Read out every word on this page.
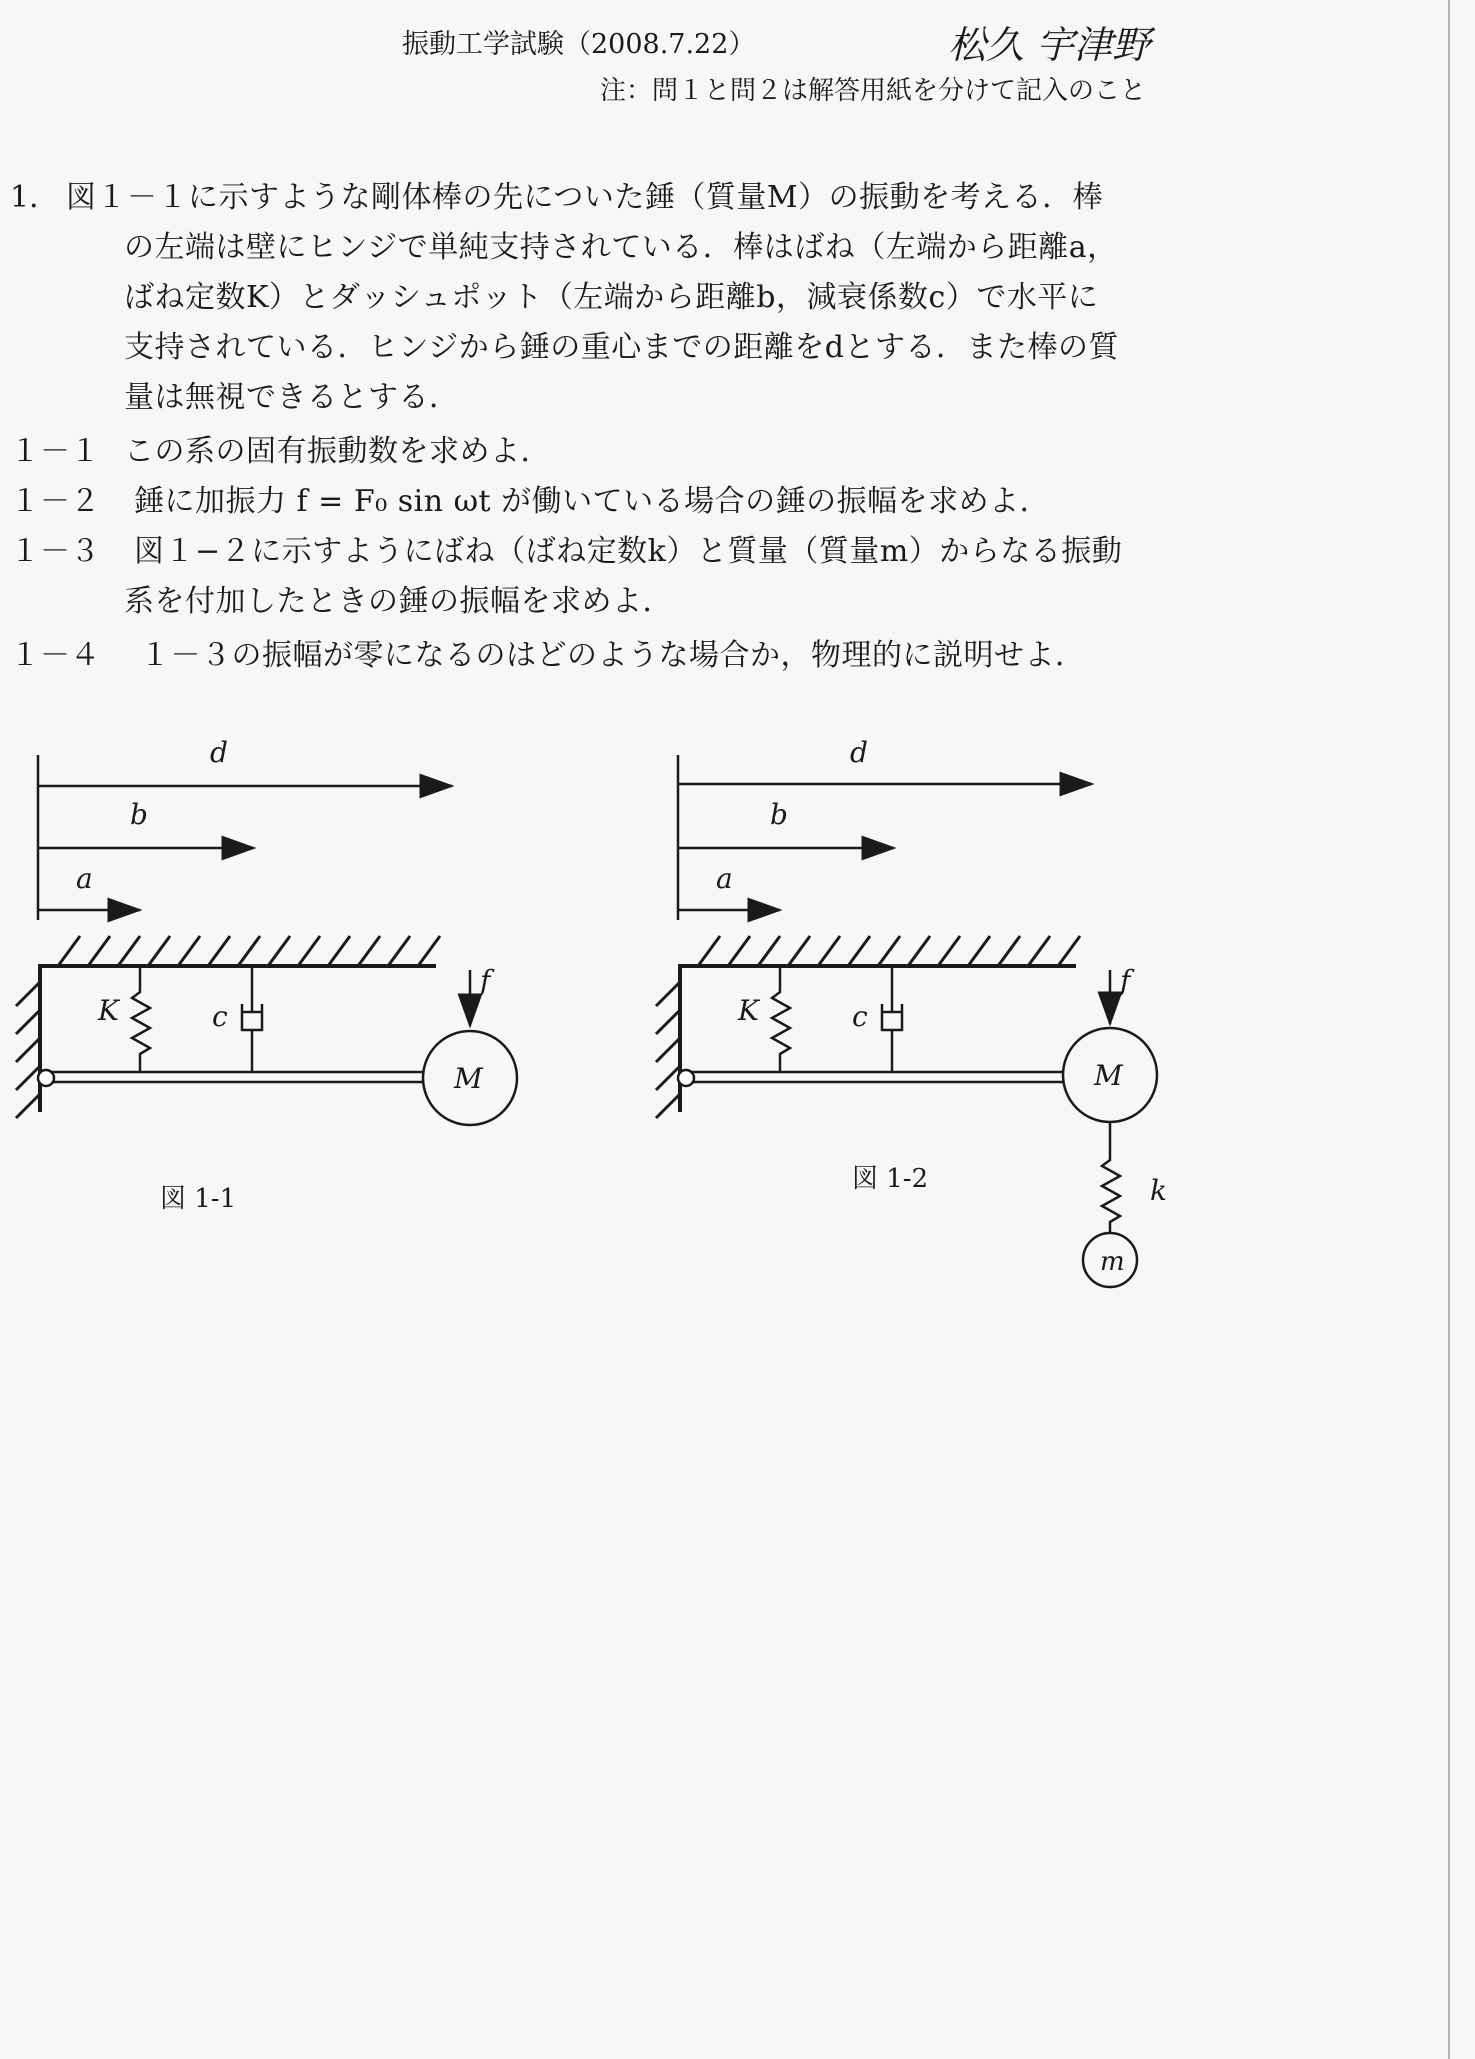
振動工学試験（2008.7.22）	松久 宇津野
注：問１と問２は解答用紙を分けて記入のこと
1． 図１－１に示すような剛体棒の先についた錘（質量M）の振動を考える．棒
の左端は壁にヒンジで単純支持されている．棒はばね（左端から距離a，
ばね定数K）とダッシュポット（左端から距離b，減衰係数c）で水平に
支持されている．ヒンジから錘の重心までの距離をdとする．また棒の質
量は無視できるとする．
１－１ この系の固有振動数を求めよ．
１－２ 錘に加振力 f = F₀ sin ωt が働いている場合の錘の振幅を求めよ．
１－３ 図１−２に示すようにばね（ばね定数k）と質量（質量m）からなる振動
系を付加したときの錘の振幅を求めよ．
１－４ １－３の振幅が零になるのはどのような場合か，物理的に説明せよ．
d
b
a
K	c
f
M
図 1-1
d
b
a
K	c
f
M
k
m
図 1-2
